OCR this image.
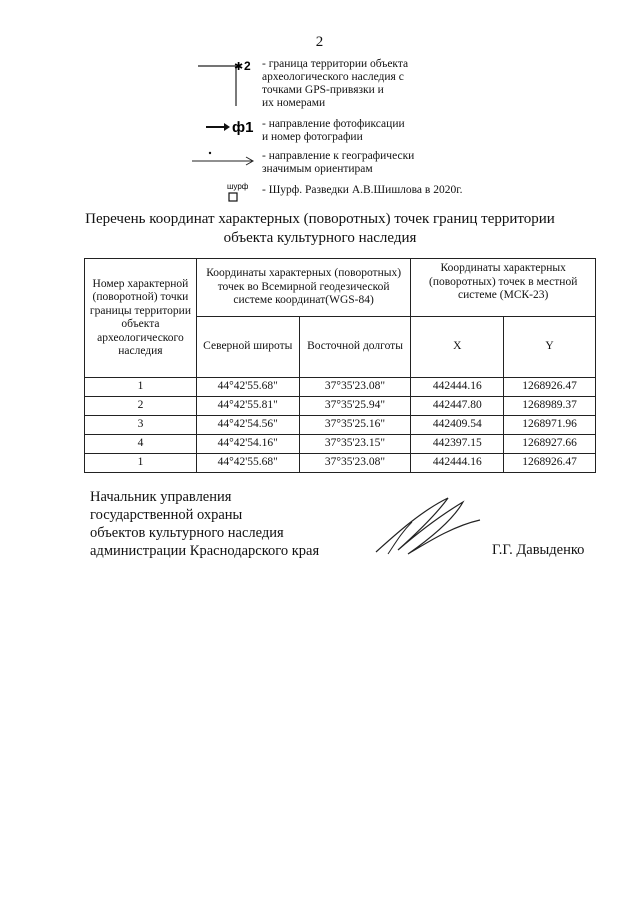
2
✱ 2 - граница территории объекта
археологического наследия с
точками GPS-привязки и
их номерами
ф1 - направление фотофиксации
и номер фотографии
- направление к географически
значимым ориентирам
шурф - Шурф. Разведки А.В.Шишлова в 2020г.
Перечень координат характерных (поворотных) точек границ территории
объекта культурного наследия
Номер характерной (поворотной) точки границы территории объекта археологического наследия	Координаты характерных (поворотных) точек во Всемирной геодезической системе координат(WGS-84)		Координаты характерных (поворотных) точек в местной системе (МСК-23)	
	Северной широты	Восточной долготы	X	Y
1	44°42'55.68"	37°35'23.08"	442444.16	1268926.47
2	44°42'55.81"	37°35'25.94"	442447.80	1268989.37
3	44°42'54.56"	37°35'25.16"	442409.54	1268971.96
4	44°42'54.16"	37°35'23.15"	442397.15	1268927.66
1	44°42'55.68"	37°35'23.08"	442444.16	1268926.47
Начальник управления
государственной охраны
объектов культурного наследия
администрации Краснодарского края	Г.Г. Давыденко
